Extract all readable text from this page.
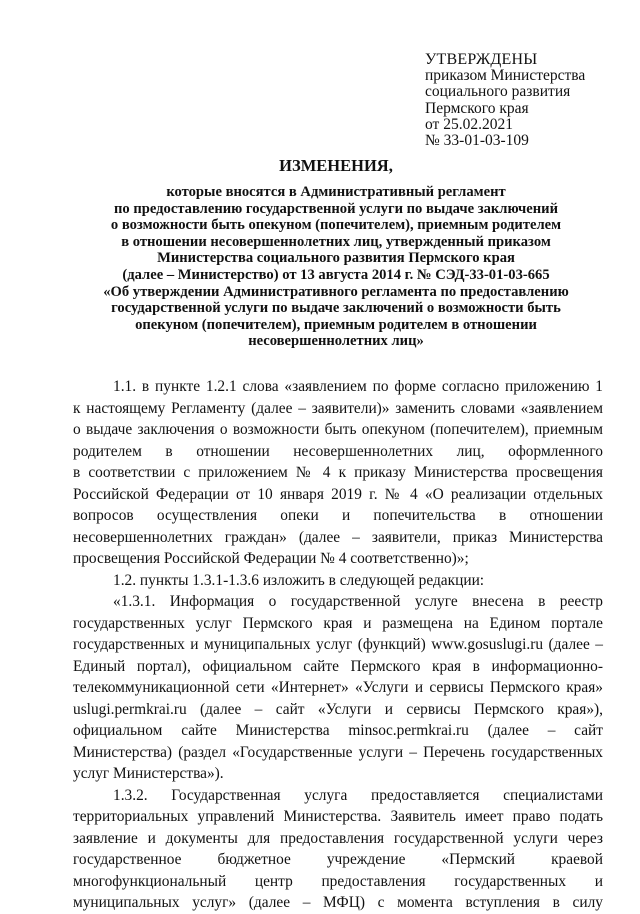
УТВЕРЖДЕНЫ
приказом Министерства
социального развития
Пермского края
от 25.02.2021
№ 33-01-03-109
ИЗМЕНЕНИЯ,
которые вносятся в Административный регламент
по предоставлению государственной услуги по выдаче заключений
о возможности быть опекуном (попечителем), приемным родителем
в отношении несовершеннолетних лиц, утвержденный приказом
Министерства социального развития Пермского края
(далее – Министерство) от 13 августа 2014 г. № СЭД-33-01-03-665
«Об утверждении Административного регламента по предоставлению
государственной услуги по выдаче заключений о возможности быть
опекуном (попечителем), приемным родителем в отношении
несовершеннолетних лиц»
1.1. в пункте 1.2.1 слова «заявлением по форме согласно приложению 1
к настоящему Регламенту (далее – заявители)» заменить словами «заявлением
о выдаче заключения о возможности быть опекуном (попечителем), приемным
родителем в отношении несовершеннолетних лиц, оформленного
в соответствии с приложением № 4 к приказу Министерства просвещения
Российской Федерации от 10 января 2019 г. № 4 «О реализации отдельных
вопросов осуществления опеки и попечительства в отношении
несовершеннолетних граждан» (далее – заявители, приказ Министерства
просвещения Российской Федерации № 4 соответственно)»;
1.2. пункты 1.3.1-1.3.6 изложить в следующей редакции:
«1.3.1. Информация о государственной услуге внесена в реестр
государственных услуг Пермского края и размещена на Едином портале
государственных и муниципальных услуг (функций) www.gosuslugi.ru (далее –
Единый портал), официальном сайте Пермского края в информационно-
телекоммуникационной сети «Интернет» «Услуги и сервисы Пермского края»
uslugi.permkrai.ru (далее – сайт «Услуги и сервисы Пермского края»),
официальном сайте Министерства minsoc.permkrai.ru (далее – сайт
Министерства) (раздел «Государственные услуги – Перечень государственных
услуг Министерства»).
1.3.2. Государственная услуга предоставляется специалистами
территориальных управлений Министерства. Заявитель имеет право подать
заявление и документы для предоставления государственной услуги через
государственное бюджетное учреждение «Пермский краевой
многофункциональный центр предоставления государственных и
муниципальных услуг» (далее – МФЦ) с момента вступления в силу
